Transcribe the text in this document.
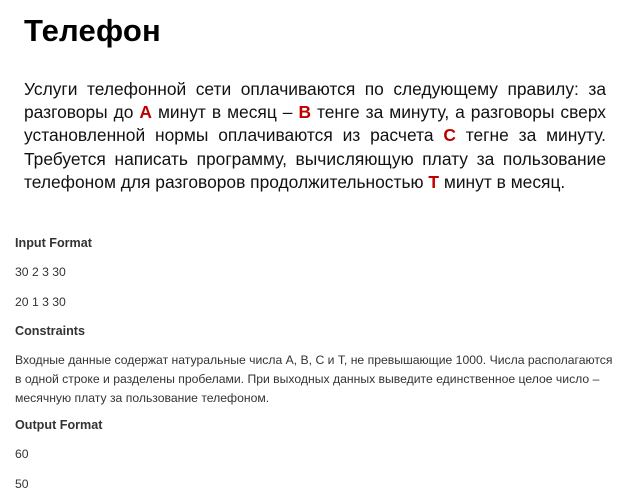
Телефон

Услуги телефонной сети оплачиваются по следующему правилу: за разговоры до А минут в месяц – В тенге за минуту, а разговоры сверх установленной нормы оплачиваются из расчета С тегне за минуту. Требуется написать программу, вычисляющую плату за пользование телефоном для разговоров продолжительностью Т минут в месяц.

Input Format

30 2 3 30

20 1 3 30

Constraints

Входные данные содержат натуральные числа A, B, C и T, не превышающие 1000. Числа располагаются

в одной строке и разделены пробелами. При выходных данных выведите единственное целое число –

месячную плату за пользование телефоном.

Output Format

60

50
